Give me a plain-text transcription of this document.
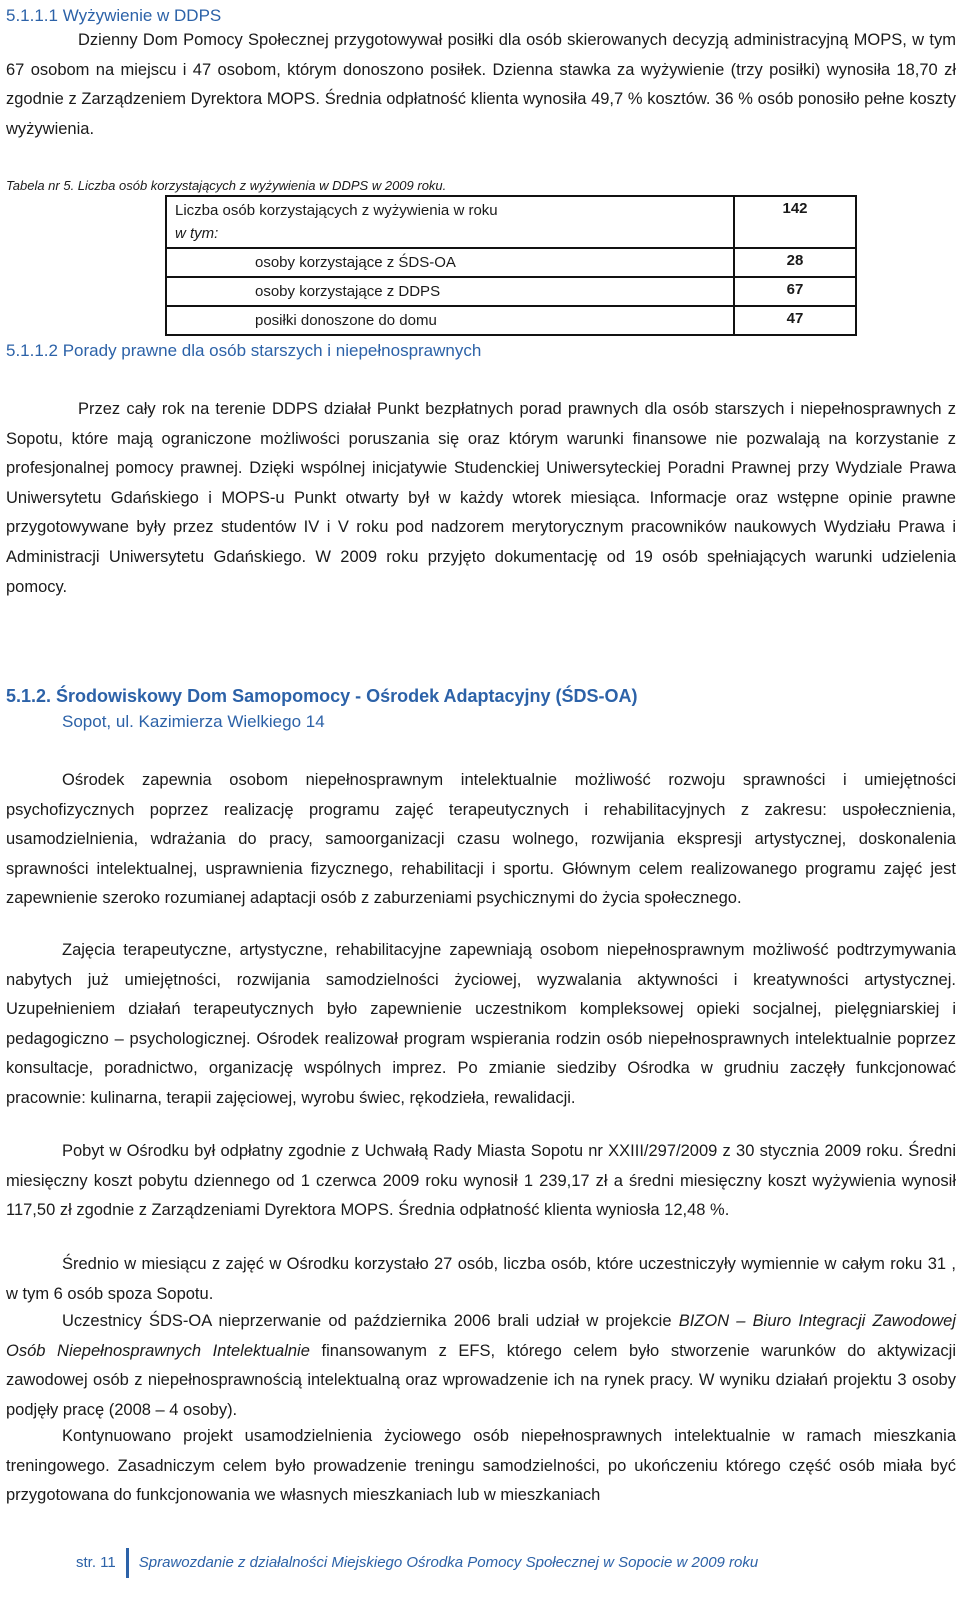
5.1.1.1 Wyżywienie w DDPS

Dzienny Dom Pomocy Społecznej przygotowywał posiłki dla osób skierowanych decyzją administracyjną MOPS, w tym 67 osobom na miejscu i 47 osobom, którym donoszono posiłek. Dzienna stawka za wyżywienie (trzy posiłki) wynosiła 18,70 zł zgodnie z Zarządzeniem Dyrektora MOPS. Średnia odpłatność klienta wynosiła 49,7 % kosztów. 36 % osób ponosiło pełne koszty wyżywienia.

Tabela nr 5. Liczba osób korzystających z wyżywienia w DDPS w 2009 roku.
Liczba osób korzystających z wyżywienia w roku
w tym:	142
osoby korzystające z ŚDS-OA	28
osoby korzystające z DDPS	67
posiłki donoszone do domu	47
5.1.1.2 Porady prawne dla osób starszych i niepełnosprawnych

Przez cały rok na terenie DDPS działał Punkt bezpłatnych porad prawnych dla osób starszych i niepełnosprawnych z Sopotu, które mają ograniczone możliwości poruszania się oraz którym warunki finansowe nie pozwalają na korzystanie z profesjonalnej pomocy prawnej. Dzięki wspólnej inicjatywie Studenckiej Uniwersyteckiej Poradni Prawnej przy Wydziale Prawa Uniwersytetu Gdańskiego i MOPS-u Punkt otwarty był w każdy wtorek miesiąca. Informacje oraz wstępne opinie prawne przygotowywane były przez studentów IV i V roku pod nadzorem merytorycznym pracowników naukowych Wydziału Prawa i Administracji Uniwersytetu Gdańskiego. W 2009 roku przyjęto dokumentację od 19 osób spełniających warunki udzielenia pomocy.

5.1.2. Środowiskowy Dom Samopomocy - Ośrodek Adaptacyjny (ŚDS-OA)
Sopot, ul. Kazimierza Wielkiego 14

Ośrodek zapewnia osobom niepełnosprawnym intelektualnie możliwość rozwoju sprawności i umiejętności psychofizycznych poprzez realizację programu zajęć terapeutycznych i rehabilitacyjnych z zakresu: uspołecznienia, usamodzielnienia, wdrażania do pracy, samoorganizacji czasu wolnego, rozwijania ekspresji artystycznej, doskonalenia sprawności intelektualnej, usprawnienia fizycznego, rehabilitacji i sportu. Głównym celem realizowanego programu zajęć jest zapewnienie szeroko rozumianej adaptacji osób z zaburzeniami psychicznymi do życia społecznego.

Zajęcia terapeutyczne, artystyczne, rehabilitacyjne zapewniają osobom niepełnosprawnym możliwość podtrzymywania nabytych już umiejętności, rozwijania samodzielności życiowej, wyzwalania aktywności i kreatywności artystycznej. Uzupełnieniem działań terapeutycznych było zapewnienie uczestnikom kompleksowej opieki socjalnej, pielęgniarskiej i pedagogiczno – psychologicznej. Ośrodek realizował program wspierania rodzin osób niepełnosprawnych intelektualnie poprzez konsultacje, poradnictwo, organizację wspólnych imprez. Po zmianie siedziby Ośrodka w grudniu zaczęły funkcjonować pracownie: kulinarna, terapii zajęciowej, wyrobu świec, rękodzieła, rewalidacji.

Pobyt w Ośrodku był odpłatny zgodnie z Uchwałą Rady Miasta Sopotu nr XXIII/297/2009 z 30 stycznia 2009 roku. Średni miesięczny koszt pobytu dziennego od 1 czerwca 2009 roku wynosił 1 239,17 zł a średni miesięczny koszt wyżywienia wynosił 117,50 zł zgodnie z Zarządzeniami Dyrektora MOPS. Średnia odpłatność klienta wyniosła 12,48 %.

Średnio w miesiącu z zajęć w Ośrodku korzystało 27 osób, liczba osób, które uczestniczyły wymiennie w całym roku 31 , w tym 6 osób spoza Sopotu.

Uczestnicy ŚDS-OA nieprzerwanie od października 2006 brali udział w projekcie BIZON – Biuro Integracji Zawodowej Osób Niepełnosprawnych Intelektualnie finansowanym z EFS, którego celem było stworzenie warunków do aktywizacji zawodowej osób z niepełnosprawnością intelektualną oraz wprowadzenie ich na rynek pracy. W wyniku działań projektu 3 osoby podjęły pracę (2008 – 4 osoby).

Kontynuowano projekt usamodzielnienia życiowego osób niepełnosprawnych intelektualnie w ramach mieszkania treningowego. Zasadniczym celem było prowadzenie treningu samodzielności, po ukończeniu którego część osób miała być przygotowana do funkcjonowania we własnych mieszkaniach lub w mieszkaniach

str. 11 Sprawozdanie z działalności Miejskiego Ośrodka Pomocy Społecznej w Sopocie w 2009 roku
